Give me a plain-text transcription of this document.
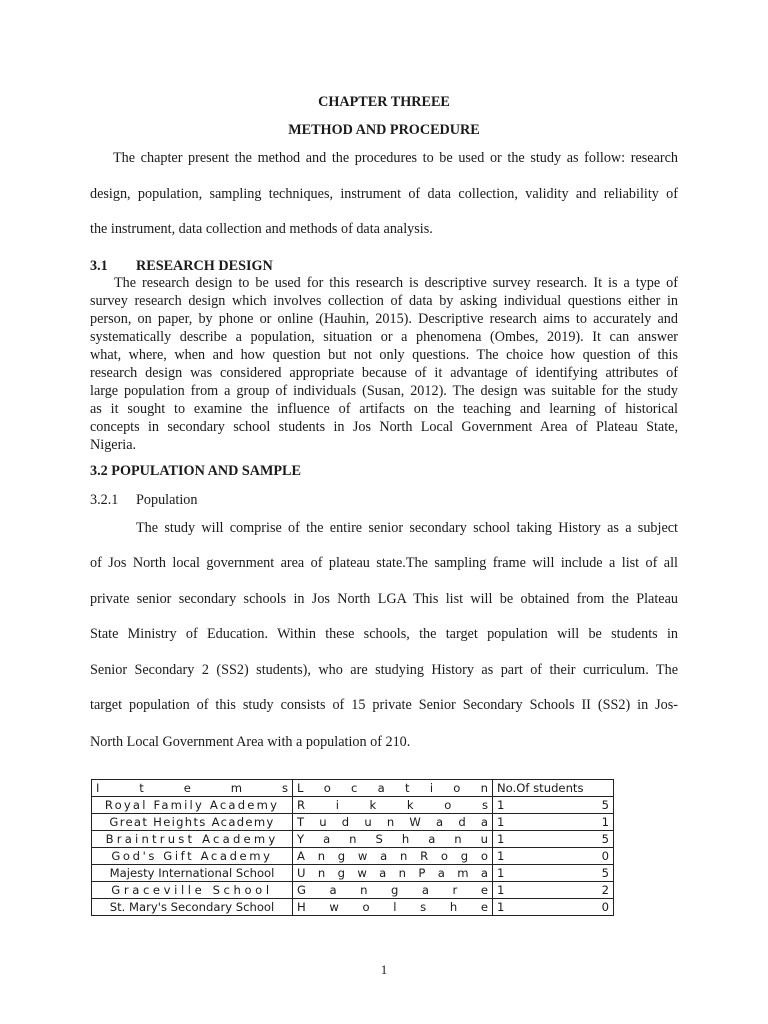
CHAPTER THREEE
METHOD AND PROCEDURE
The chapter present the method and the procedures to be used or the study as follow: research
design, population, sampling techniques, instrument of data collection, validity and reliability of
the instrument, data collection and methods of data analysis.
3.1 RESEARCH DESIGN
The research design to be used for this research is descriptive survey research. It is a type of
survey research design which involves collection of data by asking individual questions either in
person, on paper, by phone or online (Hauhin, 2015). Descriptive research aims to accurately and
systematically describe a population, situation or a phenomena (Ombes, 2019). It can answer
what, where, when and how question but not only questions. The choice how question of this
research design was considered appropriate because of it advantage of identifying attributes of
large population from a group of individuals (Susan, 2012). The design was suitable for the study
as it sought to examine the influence of artifacts on the teaching and learning of historical
concepts in secondary school students in Jos North Local Government Area of Plateau State,
Nigeria.
3.2 POPULATION AND SAMPLE
3.2.1 Population
The study will comprise of the entire senior secondary school taking History as a subject
of Jos North local government area of plateau state.The sampling frame will include a list of all
private senior secondary schools in Jos North LGA This list will be obtained from the Plateau
State Ministry of Education. Within these schools, the target population will be students in
Senior Secondary 2 (SS2) students), who are studying History as part of their curriculum. The
target population of this study consists of 15 private Senior Secondary Schools II (SS2) in Jos-
North Local Government Area with a population of 210.
I t e m s	L o c a t i o n	No.Of students
Royal Family Academy	R i k k o s	1 5

Great Heights Academy	T u d u n W a d a	1 1

Braintrust Academy	Y a n S h a n u	1 5

God's Gift Academy	A n g w a n R o g o	1 0

Majesty International School	U n g w a n P a m a	1 5

Graceville School	G a n g a r e	1 2

St. Mary's Secondary School	H w o l s h e	1 0
1
